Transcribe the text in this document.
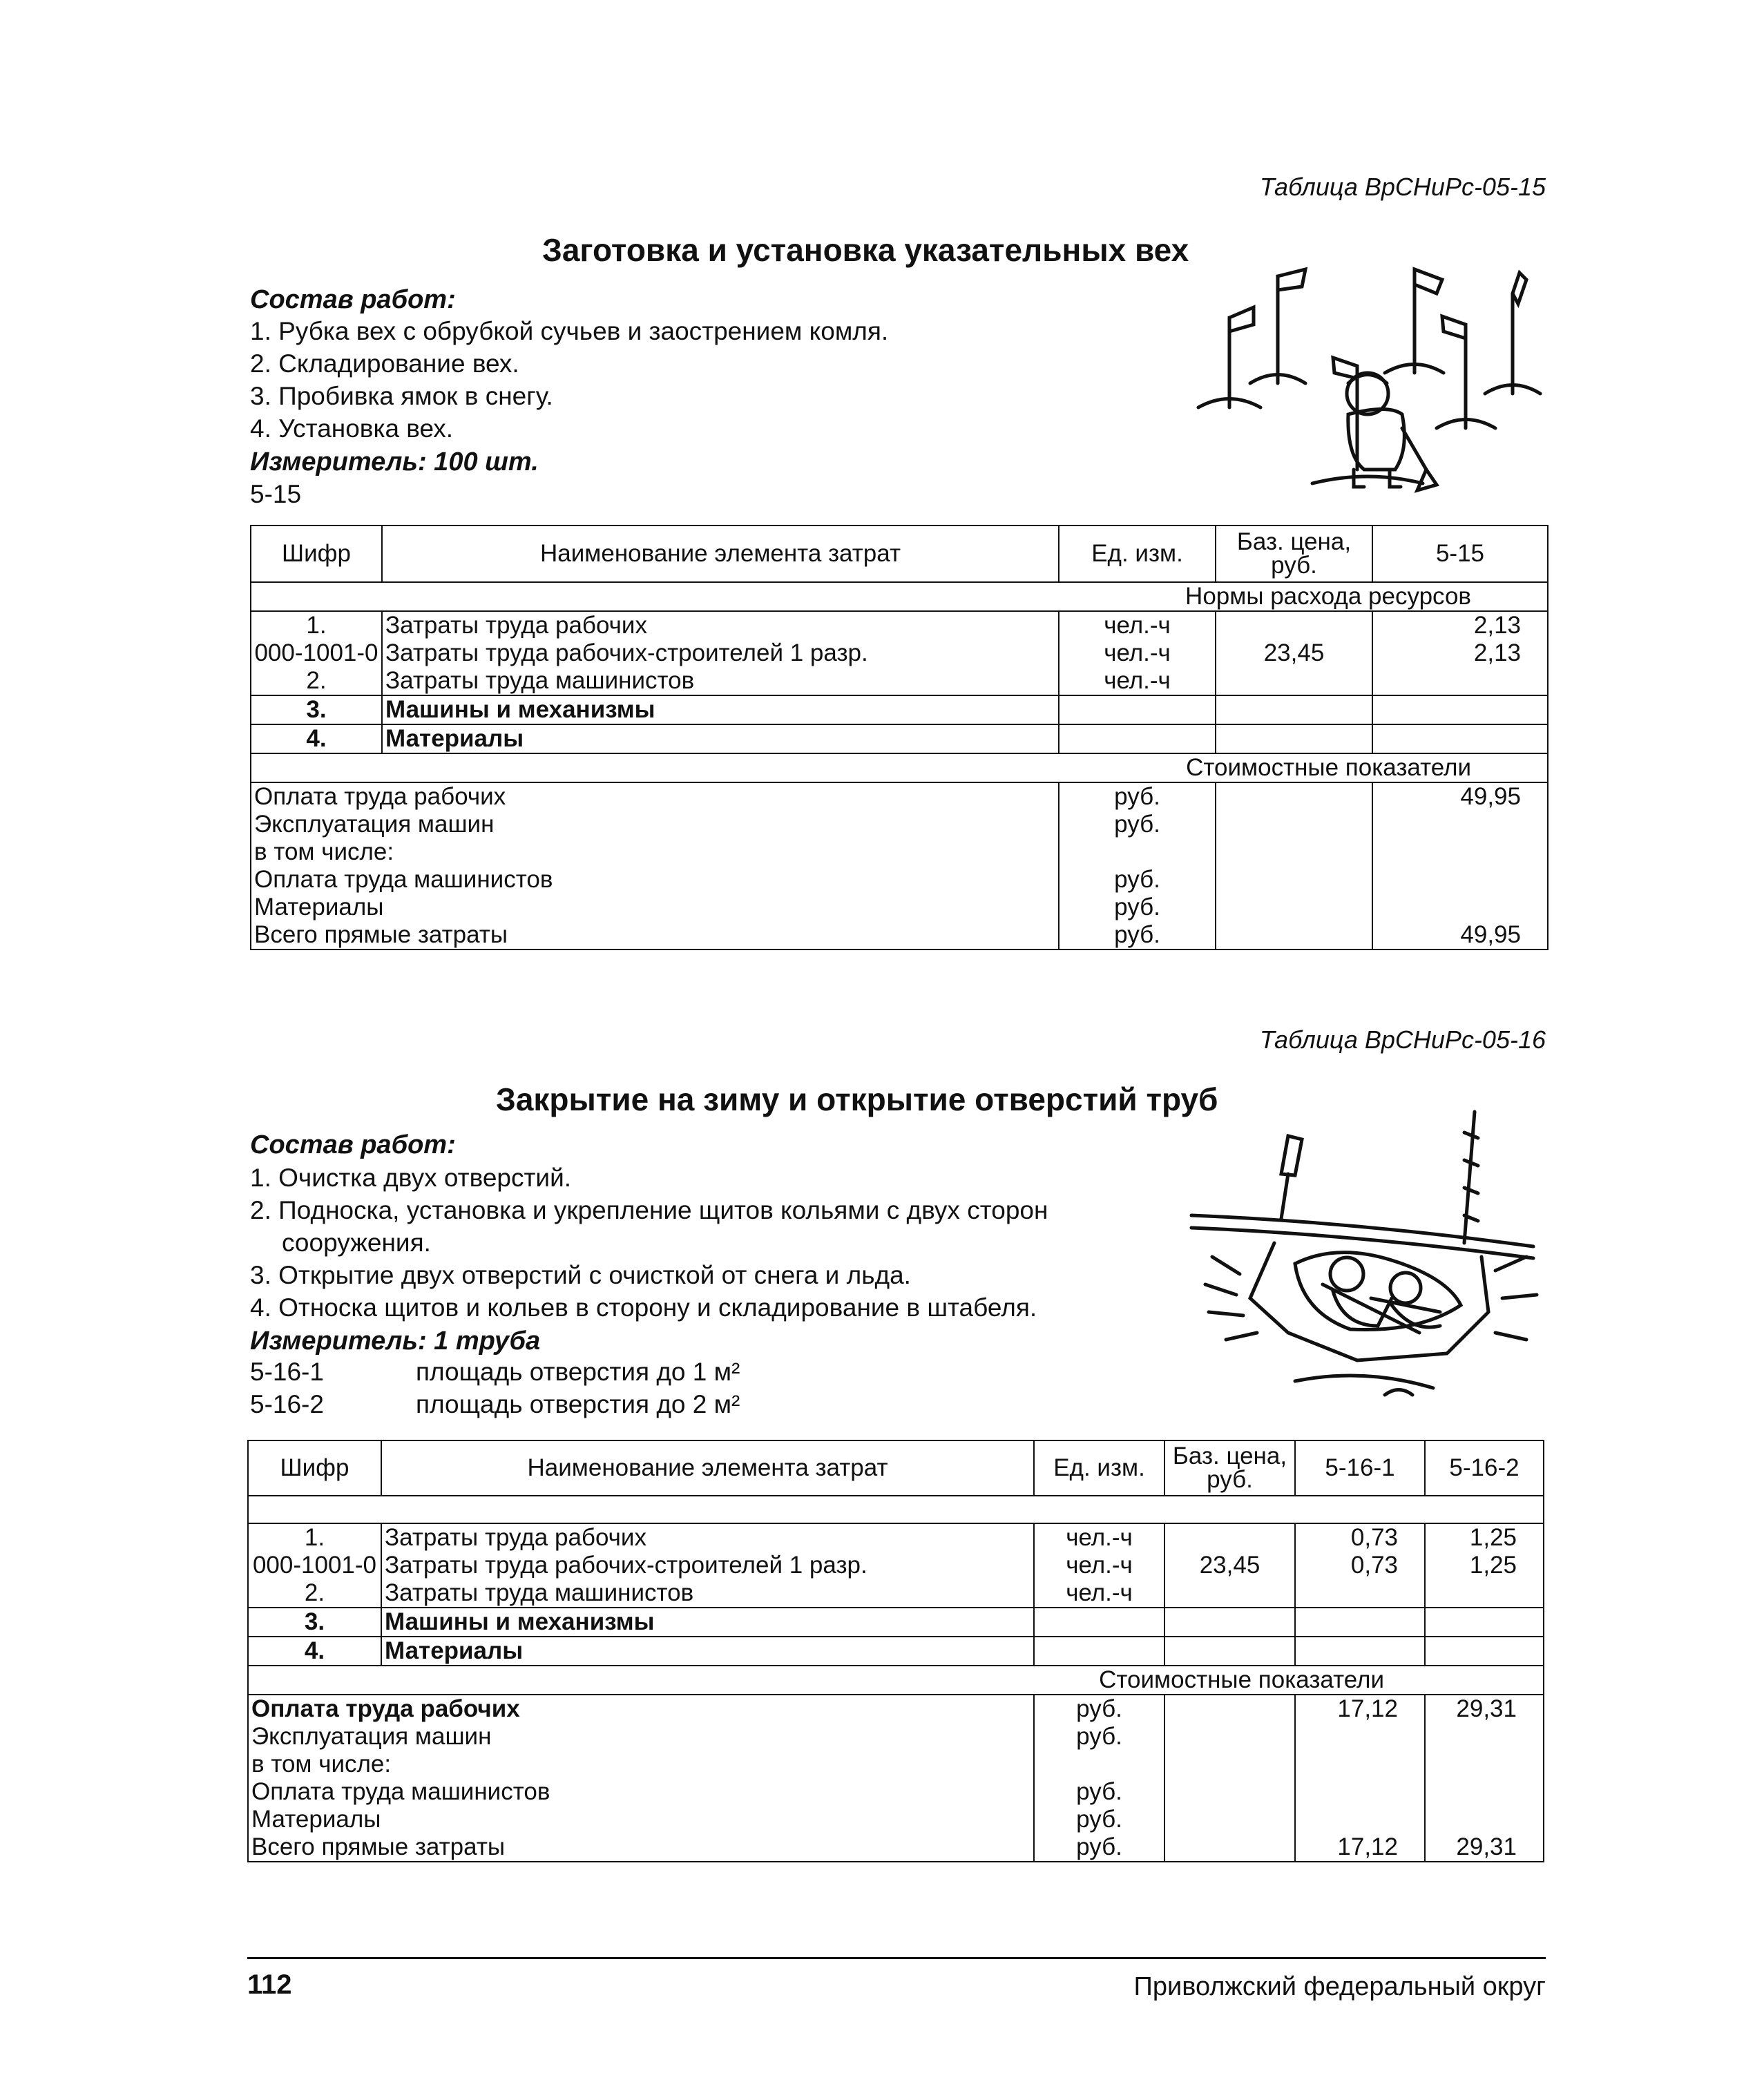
Таблица ВрСНиРс-05-15
Заготовка и установка указательных вех
Состав работ:
1. Рубка вех с обрубкой сучьев и заострением комля.
2. Складирование вех.
3. Пробивка ямок в снегу.
4. Установка вех.
Измеритель: 100 шт.
5-15
Шифр	Наименование элемента затрат	Ед. изм.	Баз. цена, руб.	5-15
Нормы расхода ресурсов				
1.	Затраты труда рабочих	чел.-ч		2,13
000-1001-0	Затраты труда рабочих-строителей 1 разр.	чел.-ч	23,45	2,13
2.	Затраты труда машинистов	чел.-ч		
3.	Машины и механизмы			
4.	Материалы			
Стоимостные показатели				
Оплата труда рабочих		руб.		49,95
Эксплуатация машин		руб.		
в том числе:				
Оплата труда машинистов		руб.		
Материалы		руб.		
Всего прямые затраты		руб.		49,95
Таблица ВрСНиРс-05-16
Закрытие на зиму и открытие отверстий труб
Состав работ:
1. Очистка двух отверстий.
2. Подноска, установка и укрепление щитов кольями с двух сторон
сооружения.
3. Открытие двух отверстий с очисткой от снега и льда.
4. Относка щитов и кольев в сторону и складирование в штабеля.
Измеритель: 1 труба
5-16-1	площадь отверстия до 1 м²
5-16-2	площадь отверстия до 2 м²
Шифр	Наименование элемента затрат	Ед. изм.	Баз. цена, руб.	5-16-1	5-16-2

1.	Затраты труда рабочих	чел.-ч		0,73	1,25
000-1001-0	Затраты труда рабочих-строителей 1 разр.	чел.-ч	23,45	0,73	1,25
2.	Затраты труда машинистов	чел.-ч			
3.	Машины и механизмы				
4.	Материалы				
Стоимостные показатели					
Оплата труда рабочих		руб.		17,12	29,31
Эксплуатация машин		руб.			
в том числе:					
Оплата труда машинистов		руб.			
Материалы		руб.			
Всего прямые затраты		руб.		17,12	29,31
112	Приволжский федеральный округ
